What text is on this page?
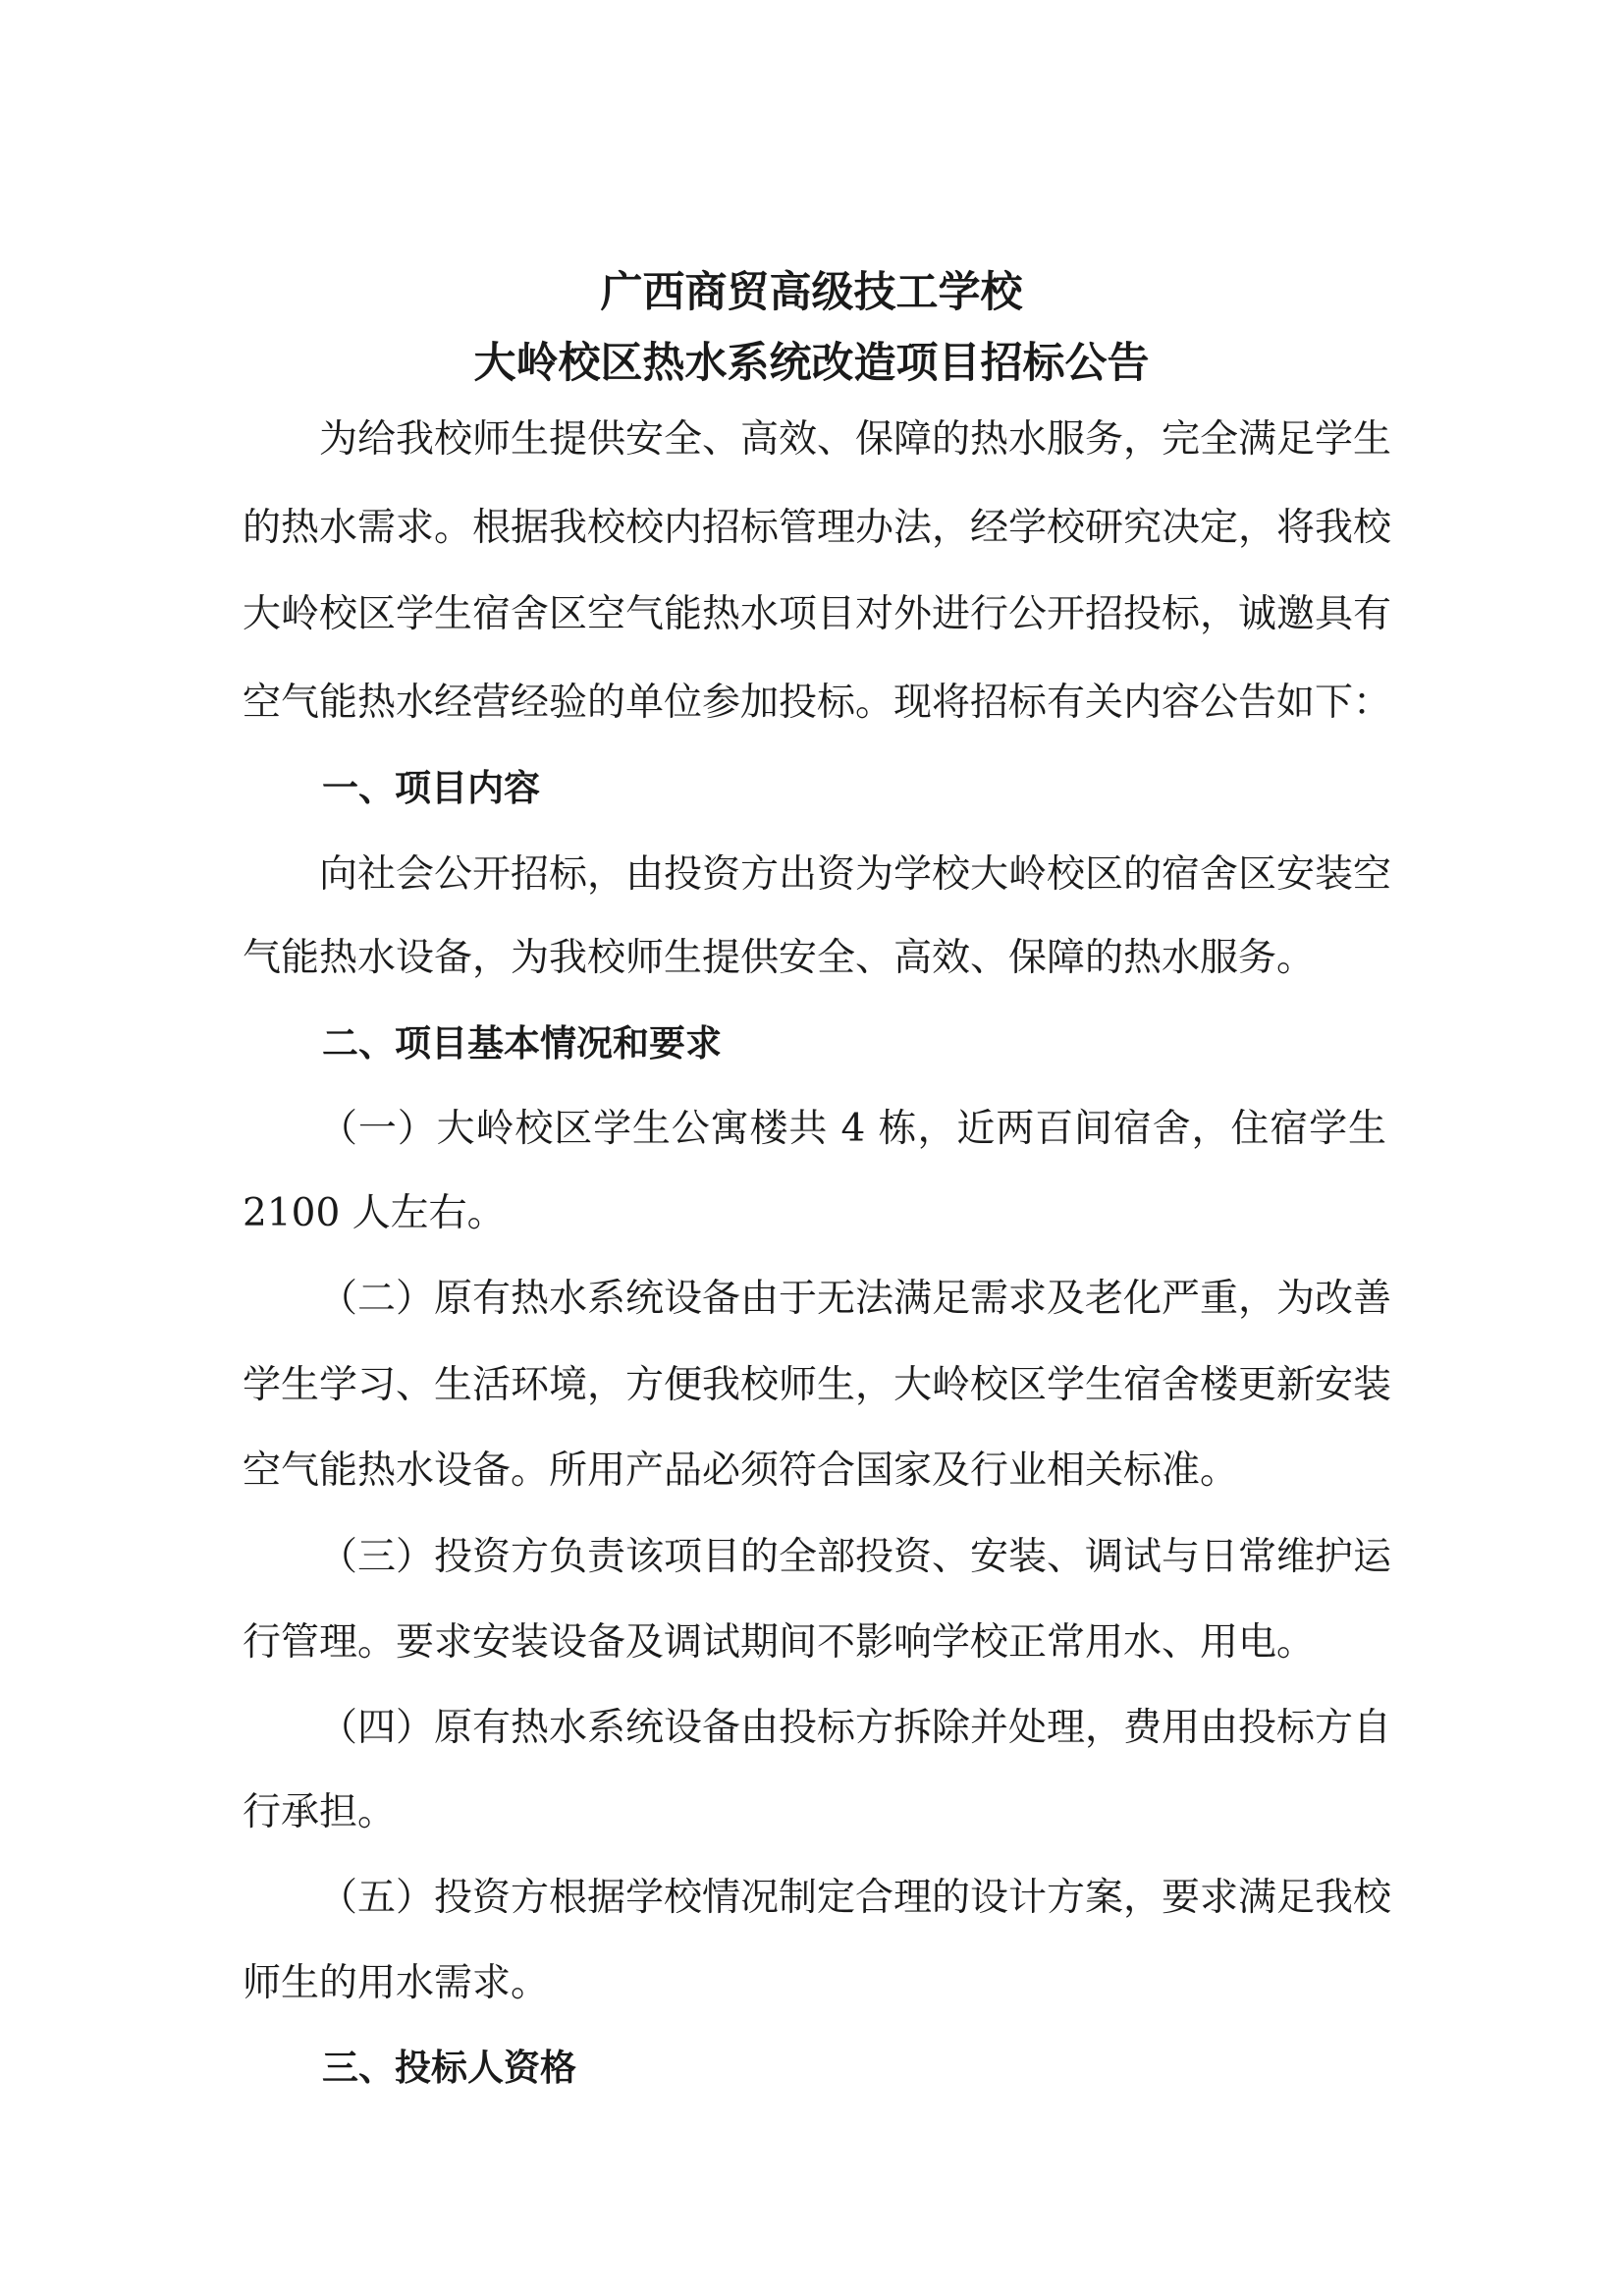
广西商贸高级技工学校
大岭校区热水系统改造项目招标公告
为给我校师生提供安全、高效、保障的热水服务，完全满足学生
的热水需求。根据我校校内招标管理办法，经学校研究决定，将我校
大岭校区学生宿舍区空气能热水项目对外进行公开招投标，诚邀具有
空气能热水经营经验的单位参加投标。现将招标有关内容公告如下：
一、项目内容
向社会公开招标，由投资方出资为学校大岭校区的宿舍区安装空
气能热水设备，为我校师生提供安全、高效、保障的热水服务。
二、项目基本情况和要求
（一）大岭校区学生公寓楼共 4 栋，近两百间宿舍，住宿学生
2100 人左右。
（二）原有热水系统设备由于无法满足需求及老化严重，为改善
学生学习、生活环境，方便我校师生，大岭校区学生宿舍楼更新安装
空气能热水设备。所用产品必须符合国家及行业相关标准。
（三）投资方负责该项目的全部投资、安装、调试与日常维护运
行管理。要求安装设备及调试期间不影响学校正常用水、用电。
（四）原有热水系统设备由投标方拆除并处理，费用由投标方自
行承担。
（五）投资方根据学校情况制定合理的设计方案，要求满足我校
师生的用水需求。
三、投标人资格
